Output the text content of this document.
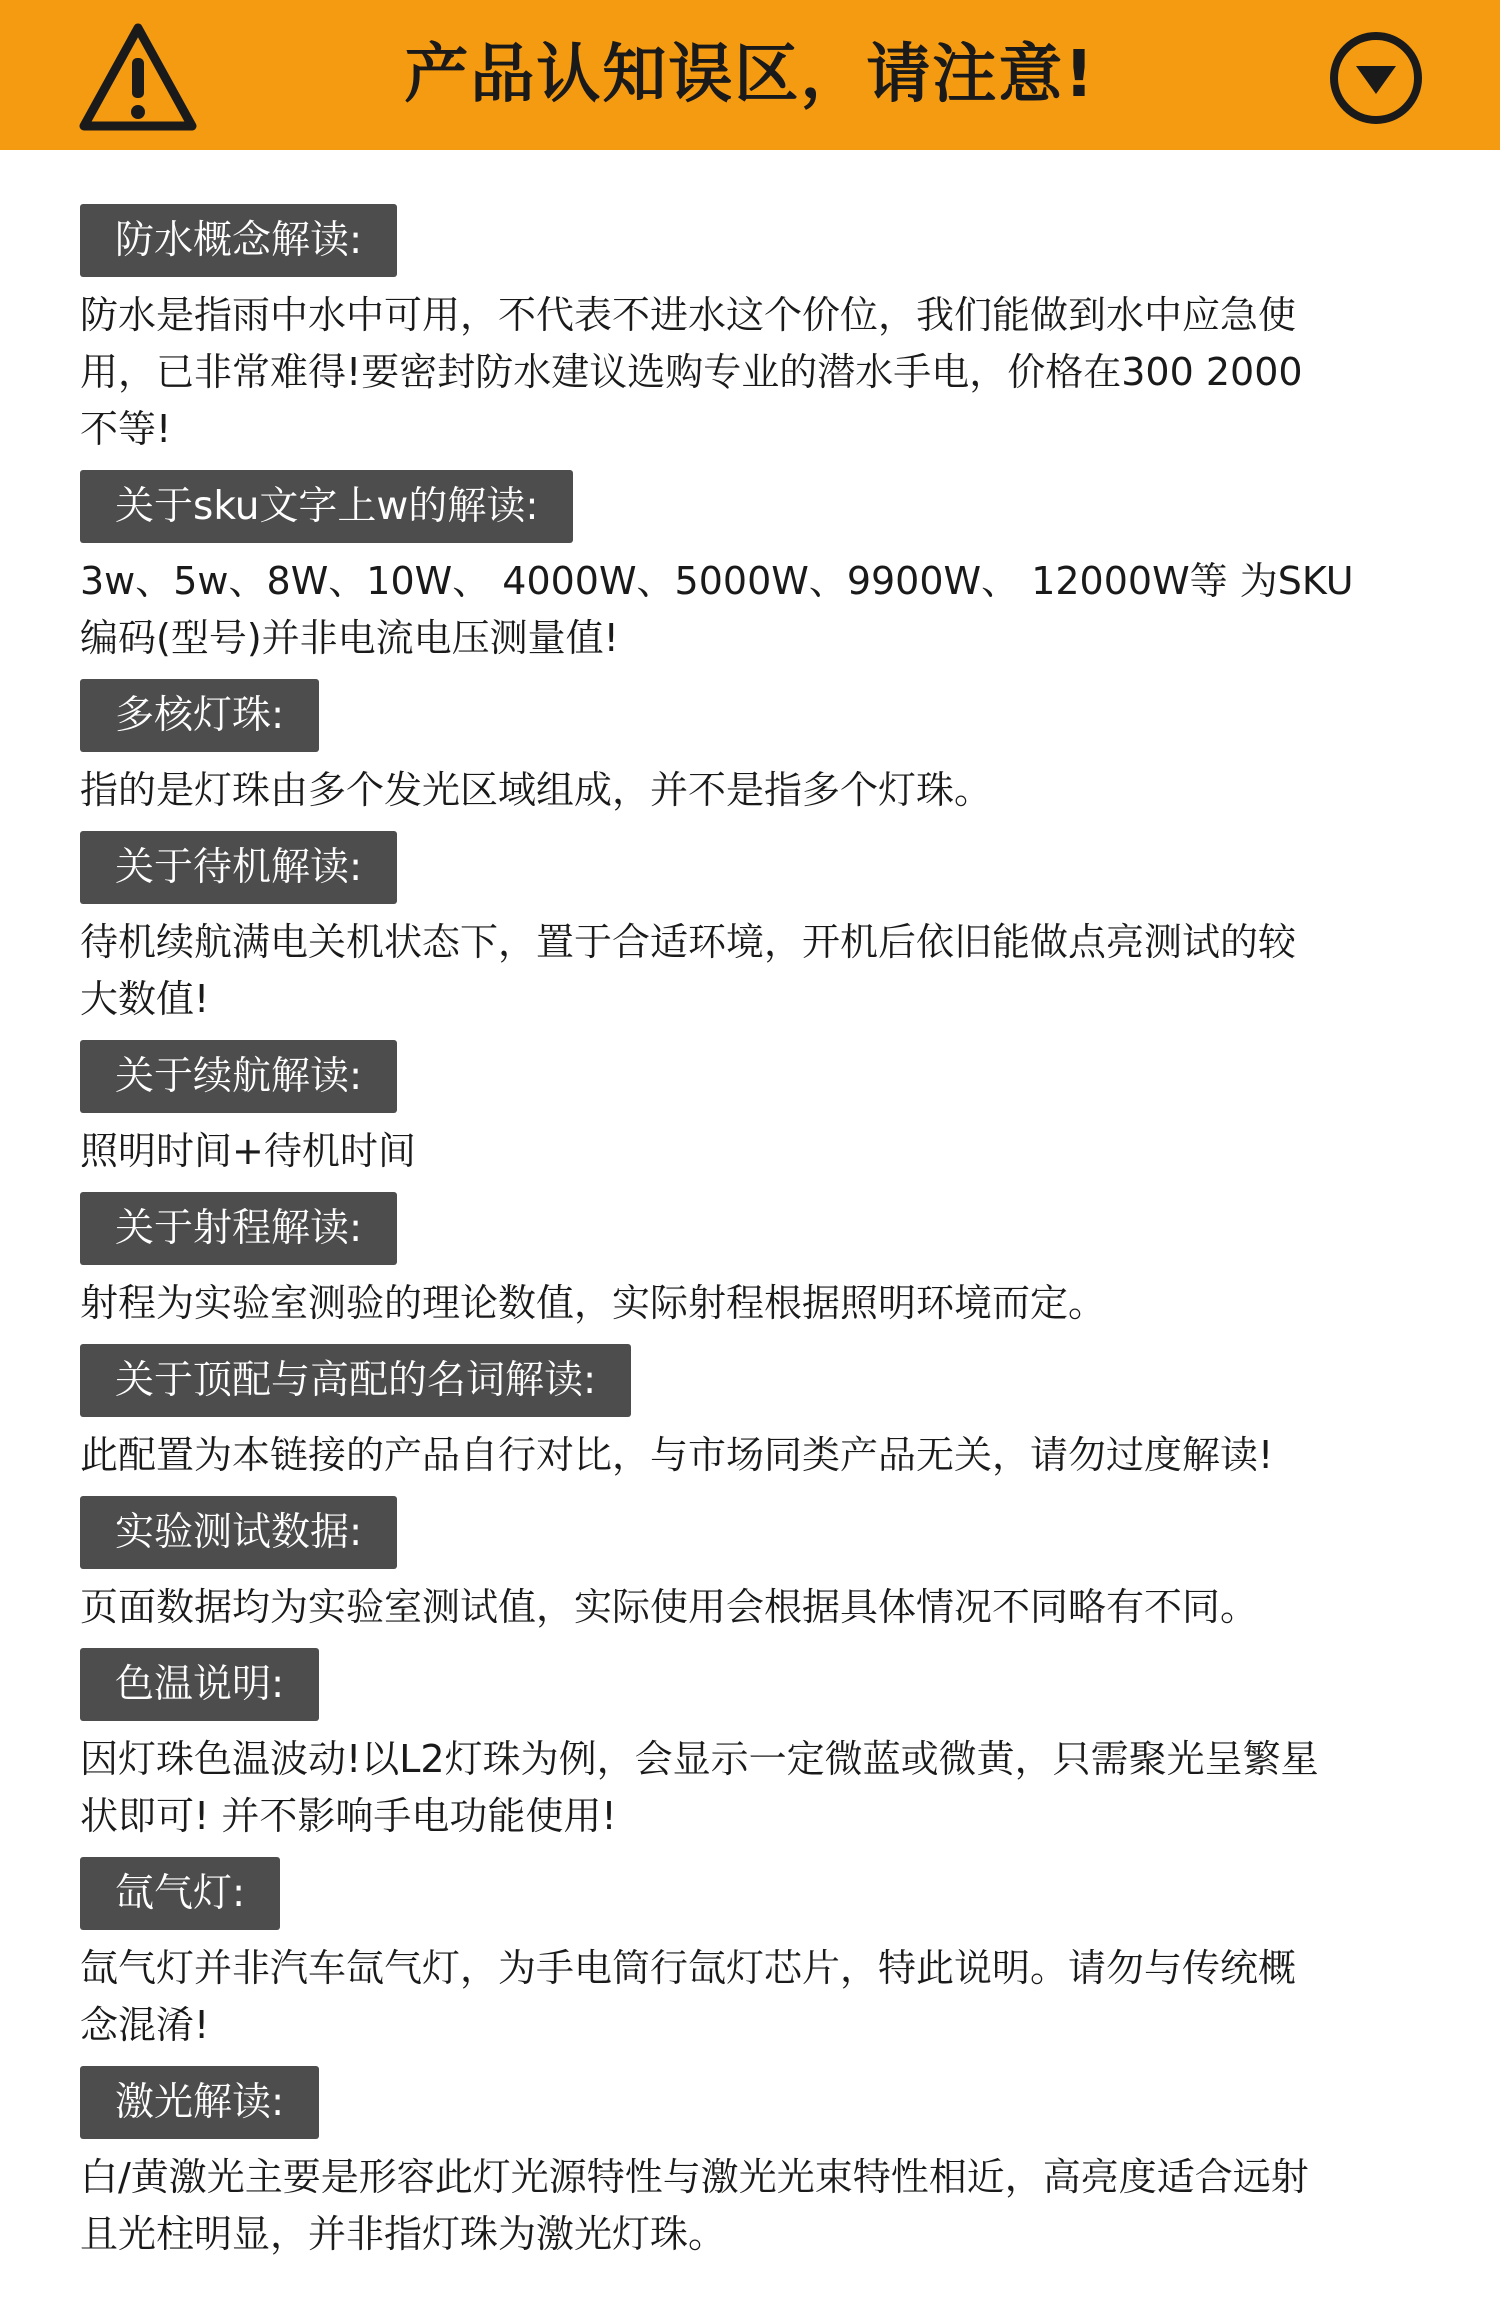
产品认知误区，请注意!
防水概念解读:
防水是指雨中水中可用，不代表不进水这个价位，我们能做到水中应急使
用，已非常难得!要密封防水建议选购专业的潜水手电，价格在300 2000
不等!
关于sku文字上w的解读:
3w、5w、8W、10W、 4000W、5000W、9900W、 12000W等 为SKU
编码(型号)并非电流电压测量值!
多核灯珠:
指的是灯珠由多个发光区域组成，并不是指多个灯珠。
关于待机解读:
待机续航满电关机状态下，置于合适环境，开机后依旧能做点亮测试的较
大数值!
关于续航解读:
照明时间+待机时间
关于射程解读:
射程为实验室测验的理论数值，实际射程根据照明环境而定。
关于顶配与高配的名词解读:
此配置为本链接的产品自行对比，与市场同类产品无关，请勿过度解读!
实验测试数据:
页面数据均为实验室测试值，实际使用会根据具体情况不同略有不同。
色温说明:
因灯珠色温波动!以L2灯珠为例，会显示一定微蓝或微黄，只需聚光呈繁星
状即可! 并不影响手电功能使用!
氙气灯:
氙气灯并非汽车氙气灯，为手电筒行氙灯芯片，特此说明。请勿与传统概
念混淆!
激光解读:
白/黄激光主要是形容此灯光源特性与激光光束特性相近，高亮度适合远射
且光柱明显，并非指灯珠为激光灯珠。
